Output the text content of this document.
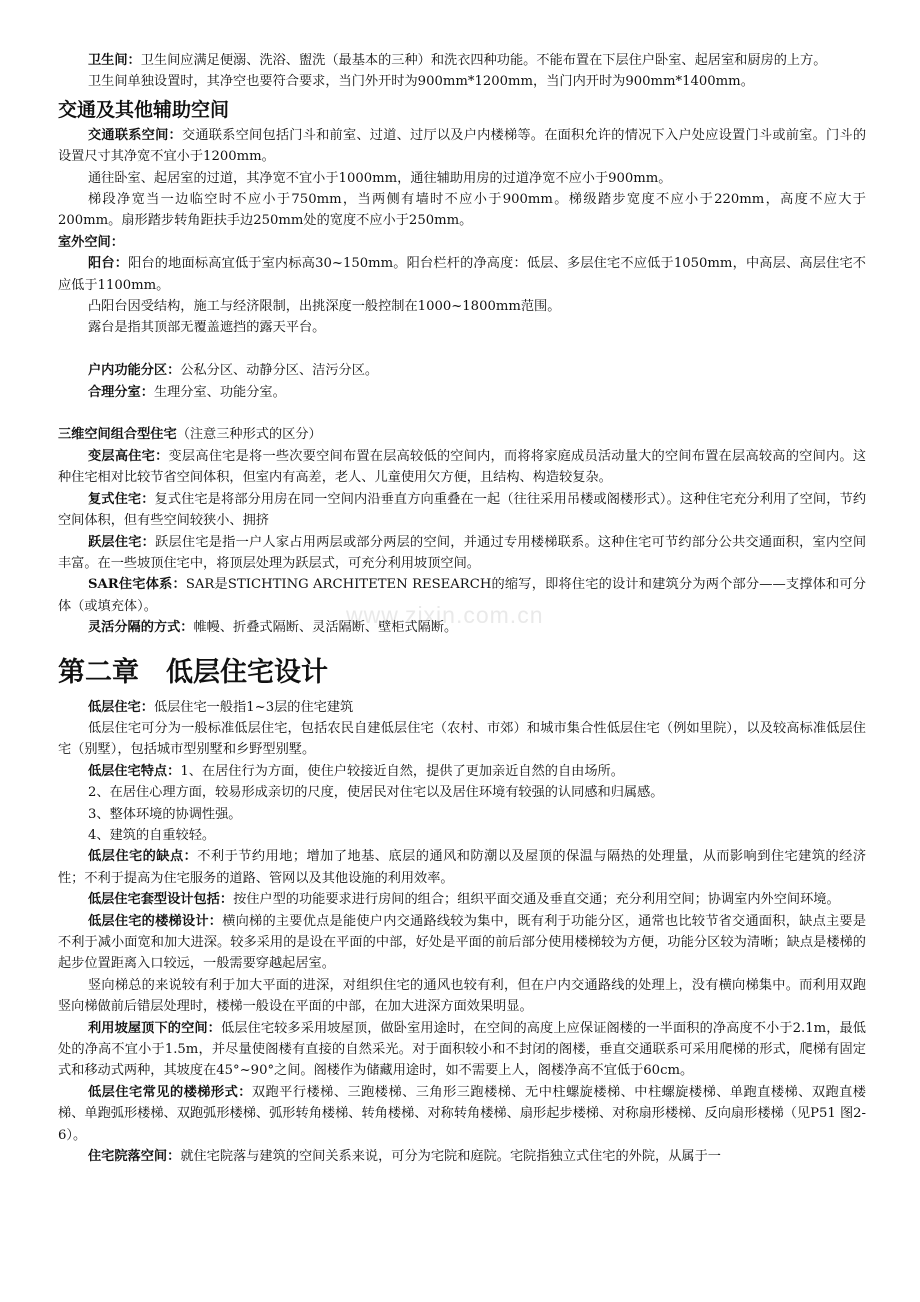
www.zixin.com.cn

卫生间：卫生间应满足便溺、洗浴、盥洗（最基本的三种）和洗衣四种功能。不能布置在下层住户卧室、起居室和厨房的上方。

卫生间单独设置时，其净空也要符合要求，当门外开时为900mm*1200mm，当门内开时为900mm*1400mm。

交通及其他辅助空间

交通联系空间：交通联系空间包括门斗和前室、过道、过厅以及户内楼梯等。在面积允许的情况下入户处应设置门斗或前室。门斗的设置尺寸其净宽不宜小于1200mm。

通往卧室、起居室的过道，其净宽不宜小于1000mm，通往辅助用房的过道净宽不应小于900mm。

梯段净宽当一边临空时不应小于750mm，当两侧有墙时不应小于900mm。梯级踏步宽度不应小于220mm，高度不应大于200mm。扇形踏步转角距扶手边250mm处的宽度不应小于250mm。

室外空间：

阳台：阳台的地面标高宜低于室内标高30~150mm。阳台栏杆的净高度：低层、多层住宅不应低于1050mm，中高层、高层住宅不应低于1100mm。

凸阳台因受结构，施工与经济限制，出挑深度一般控制在1000~1800mm范围。

露台是指其顶部无覆盖遮挡的露天平台。

户内功能分区：公私分区、动静分区、洁污分区。

合理分室：生理分室、功能分室。

三维空间组合型住宅（注意三种形式的区分）

变层高住宅：变层高住宅是将一些次要空间布置在层高较低的空间内，而将将家庭成员活动量大的空间布置在层高较高的空间内。这种住宅相对比较节省空间体积，但室内有高差，老人、儿童使用欠方便，且结构、构造较复杂。

复式住宅：复式住宅是将部分用房在同一空间内沿垂直方向重叠在一起（往往采用吊楼或阁楼形式）。这种住宅充分利用了空间，节约空间体积，但有些空间较狭小、拥挤

跃层住宅：跃层住宅是指一户人家占用两层或部分两层的空间，并通过专用楼梯联系。这种住宅可节约部分公共交通面积，室内空间丰富。在一些坡顶住宅中，将顶层处理为跃层式，可充分利用坡顶空间。

SAR住宅体系：SAR是STICHTING ARCHITETEN RESEARCH的缩写，即将住宅的设计和建筑分为两个部分——支撑体和可分体（或填充体）。

灵活分隔的方式：帷幔、折叠式隔断、灵活隔断、壁柜式隔断。

第二章　低层住宅设计

低层住宅：低层住宅一般指1~3层的住宅建筑

低层住宅可分为一般标准低层住宅，包括农民自建低层住宅（农村、市郊）和城市集合性低层住宅（例如里院），以及较高标准低层住宅（别墅），包括城市型别墅和乡野型别墅。

低层住宅特点：1、在居住行为方面，使住户较接近自然，提供了更加亲近自然的自由场所。

2、在居住心理方面，较易形成亲切的尺度，使居民对住宅以及居住环境有较强的认同感和归属感。

3、整体环境的协调性强。

4、建筑的自重较轻。

低层住宅的缺点：不利于节约用地；增加了地基、底层的通风和防潮以及屋顶的保温与隔热的处理量，从而影响到住宅建筑的经济性；不利于提高为住宅服务的道路、管网以及其他设施的利用效率。

低层住宅套型设计包括：按住户型的功能要求进行房间的组合；组织平面交通及垂直交通；充分利用空间；协调室内外空间环境。

低层住宅的楼梯设计：横向梯的主要优点是能使户内交通路线较为集中，既有利于功能分区，通常也比较节省交通面积，缺点主要是不利于减小面宽和加大进深。较多采用的是设在平面的中部，好处是平面的前后部分使用楼梯较为方便，功能分区较为清晰；缺点是楼梯的起步位置距离入口较远，一般需要穿越起居室。

竖向梯总的来说较有利于加大平面的进深，对组织住宅的通风也较有利，但在户内交通路线的处理上，没有横向梯集中。而利用双跑竖向梯做前后错层处理时，楼梯一般设在平面的中部，在加大进深方面效果明显。

利用坡屋顶下的空间：低层住宅较多采用坡屋顶，做卧室用途时，在空间的高度上应保证阁楼的一半面积的净高度不小于2.1m，最低处的净高不宜小于1.5m，并尽量使阁楼有直接的自然采光。对于面积较小和不封闭的阁楼，垂直交通联系可采用爬梯的形式，爬梯有固定式和移动式两种，其坡度在45°~90°之间。阁楼作为储藏用途时，如不需要上人，阁楼净高不宜低于60cm。

低层住宅常见的楼梯形式：双跑平行楼梯、三跑楼梯、三角形三跑楼梯、无中柱螺旋楼梯、中柱螺旋楼梯、单跑直楼梯、双跑直楼梯、单跑弧形楼梯、双跑弧形楼梯、弧形转角楼梯、转角楼梯、对称转角楼梯、扇形起步楼梯、对称扇形楼梯、反向扇形楼梯（见P51 图2-6）。

住宅院落空间：就住宅院落与建筑的空间关系来说，可分为宅院和庭院。宅院指独立式住宅的外院，从属于一
